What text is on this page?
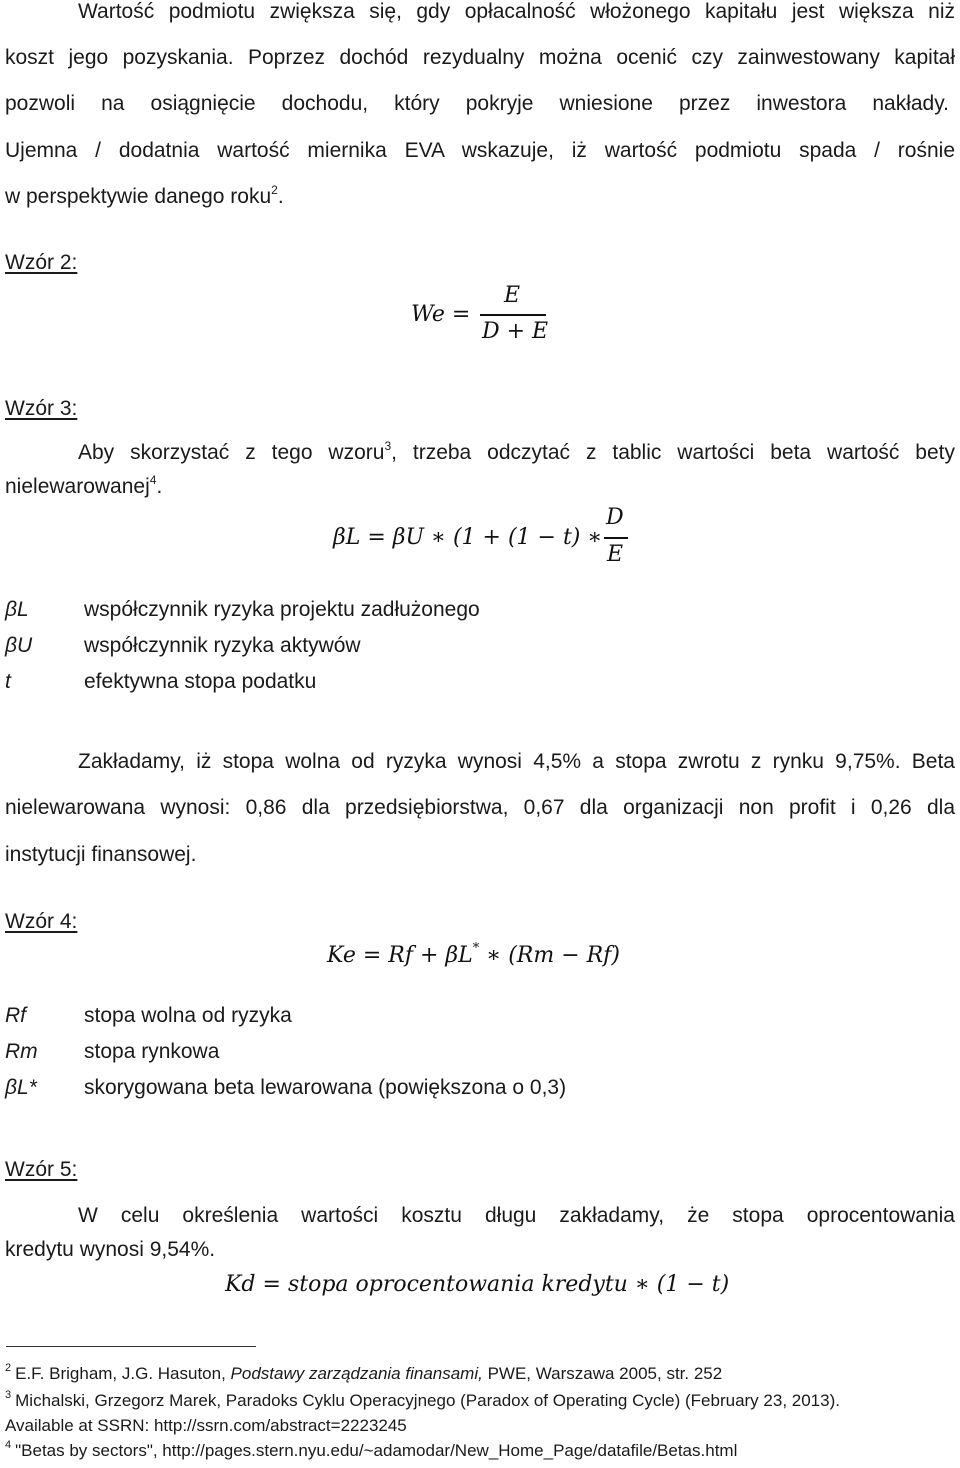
Wartość podmiotu zwiększa się, gdy opłacalność włożonego kapitału jest większa niż
koszt jego pozyskania. Poprzez dochód rezydualny można ocenić czy zainwestowany kapitał
pozwoli na osiągnięcie dochodu, który pokryje wniesione przez inwestora nakłady.
Ujemna / dodatnia wartość miernika EVA wskazuje, iż wartość podmiotu spada / rośnie
w perspektywie danego roku$^2$.
Wzór 2:
We =
E
D + E
Wzór 3:
Aby skorzystać z tego wzoru$^3$, trzeba odczytać z tablic wartości beta wartość bety
nielewarowanej$^4$.
βL = βU ∗ (1 + (1 − t) ∗
D
E
βL	współczynnik ryzyka projektu zadłużonego
βU współczynnik ryzyka aktywów
t	efektywna stopa podatku
Zakładamy, iż stopa wolna od ryzyka wynosi 4,5% a stopa zwrotu z rynku 9,75%. Beta
nielewarowana wynosi: 0,86 dla przedsiębiorstwa, 0,67 dla organizacji non profit i 0,26 dla
instytucji finansowej.
Wzór 4:
Ke = Rf + βL* ∗ (Rm − Rf)
Rf	stopa wolna od ryzyka
Rm stopa rynkowa
βL* skorygowana beta lewarowana (powiększona o 0,3)
Wzór 5:
W celu określenia wartości kosztu długu zakładamy, że stopa oprocentowania
kredytu wynosi 9,54%.
Kd = stopa oprocentowania kredytu ∗ (1 − t)
$^2$ E.F. Brigham, J.G. Hasuton, Podstawy zarządzania finansami, PWE, Warszawa 2005, str. 252
$^3$ Michalski, Grzegorz Marek, Paradoks Cyklu Operacyjnego (Paradox of Operating Cycle) (February 23, 2013).
Available at SSRN: http://ssrn.com/abstract=2223245
$^4$ "Betas by sectors", http://pages.stern.nyu.edu/~adamodar/New_Home_Page/datafile/Betas.html
